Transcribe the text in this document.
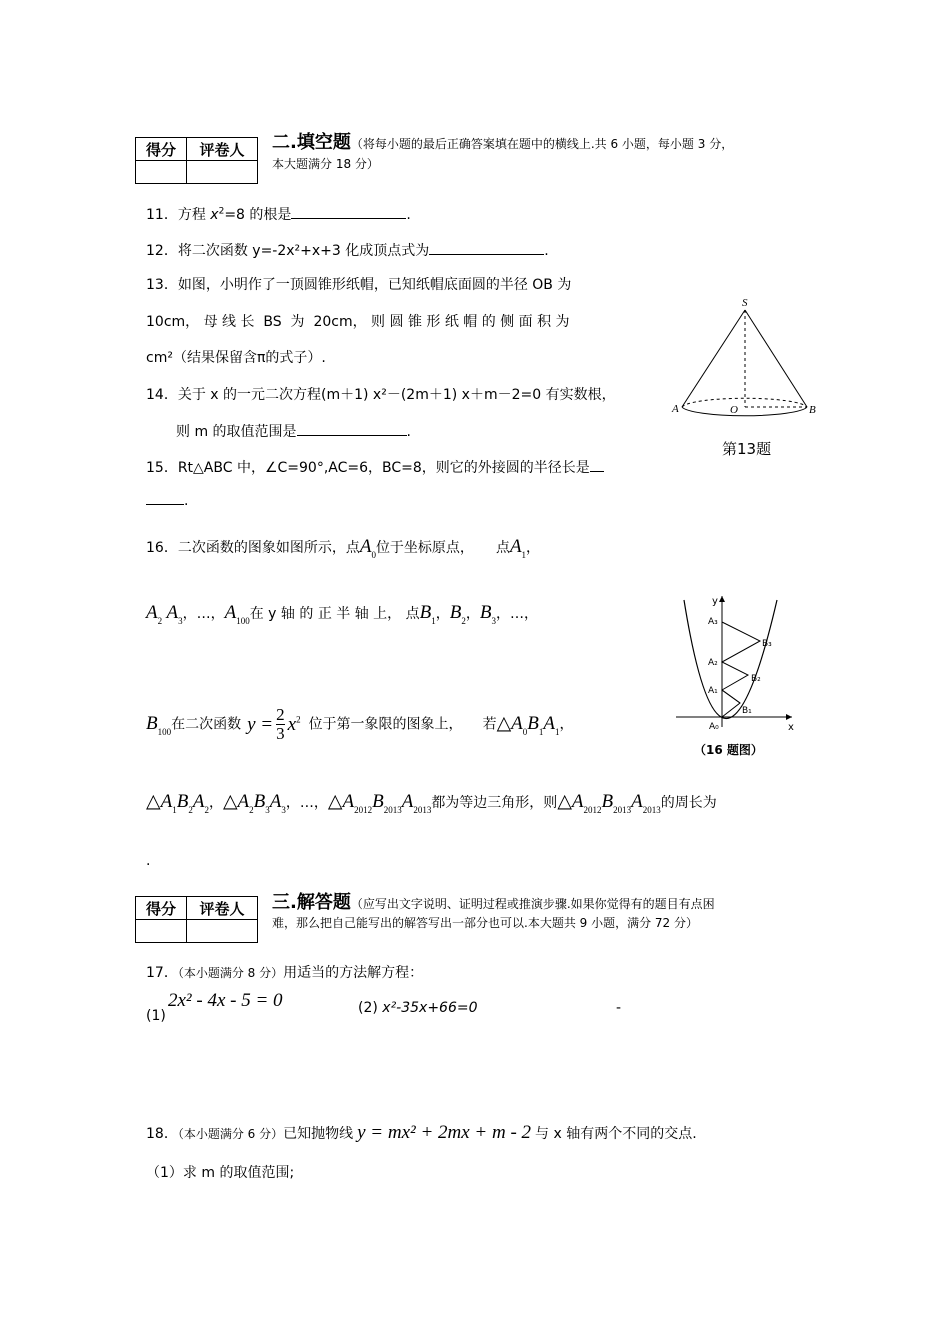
得分	评卷人
	二.填空题（将每小题的最后正确答案填在题中的横线上.共 6 小题，每小题 3 分，
本大题满分 18 分）
11．方程 $x^2=8$ 的根是	.
12．将二次函数 y=-2x²+x+3 化成顶点式为	.
13．如图，小明作了一顶圆锥形纸帽，已知纸帽底面圆的半径 OB 为
10cm， 母 线 长  BS  为  20cm， 则 圆 锥 形 纸 帽 的 侧 面 积 为
cm²（结果保留含π的式子）.
S
A	O	B
第13题
14．关于 x 的一元二次方程(m＋1) x²－(2m＋1) x＋m－2=0 有实数根，
则 m 的取值范围是	.
15．Rt△ABC 中，∠C=90°,AC=6，BC=8，则它的外接圆的半径长是
.
16．二次函数的图象如图所示，点$A_0$位于坐标原点， 点$A_1$，
$A_2$ $A_3$，…，$A_{100}$在 y 轴 的 正 半 轴 上， 点$B_1$，$B_2$，$B_3$，…，
$B_{100}$在二次函数 $y = \frac{2}{3} x^2$ 位于第一象限的图象上， 若$\triangle A_0B_1A_1$，
$\triangle A_1B_2A_2$，$\triangle A_2B_3A_3$，…，$\triangle A_{2012}B_{2013}A_{2013}$都为等边三角形，则$\triangle A_{2012}B_{2013}A_{2013}$的周长为
.
y
x
A₀
A₁
A₂
A₃
B₁
B₂
B₃
（16 题图）
得分	评卷人
	三.解答题（应写出文字说明、证明过程或推演步骤.如果你觉得有的题目有点困
难，那么把自己能写出的解答写出一部分也可以.本大题共 9 小题，满分 72 分）
17．（本小题满分 8 分）用适当的方法解方程：
(1)
2x² - 4x - 5 = 0	(2) x²-35x+66=0	-
18．（本小题满分 6 分）已知抛物线 y = mx² + 2mx + m - 2 与 x 轴有两个不同的交点.
（1）求 m 的取值范围;
